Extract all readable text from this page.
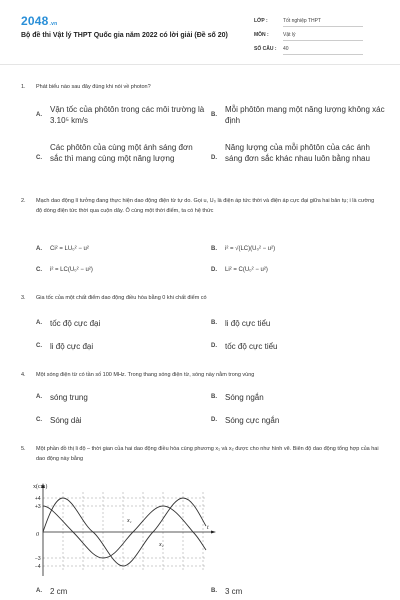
2048.vn
Bộ đề thi Vật lý THPT Quốc gia năm 2022 có lời giải (Đề số 20)
LỚP :	Tốt nghiệp THPT
MÔN :	Vật lý
SỐ CÂU : 40
1. Phát biểu nào sau đây đúng khi nói về photon?
A.
Vận tốc của phôtôn trong các môi trường là 3.10⁵ km/s
B.
Mỗi phôtôn mang một năng lượng không xác định
C.
Các phôtôn của cùng một ánh sáng đơn sắc thì mang cùng một năng lượng	D.
Năng lượng của mỗi phôtôn của các ánh sáng đơn sắc khác nhau luôn bằng nhau
2. Mạch dao động lí tưởng đang thực hiện dao động điện từ tự do. Gọi u, U₀ là điện áp tức thời và điện áp cực đại giữa hai bản tụ; i là cường độ dòng điện tức thời qua cuộn dây. Ô cùng một thời điểm, ta có hệ thức
A. Ci² = LU₀² − u²	B. i² = √(LC)(U₀² − u²)
C. i² = LC(U₀² − u²)	D. Li² = C(U₀² − u²)
3. Gia tốc của một chất điểm dao động điều hòa bằng 0 khi chất điểm có
A. tốc độ cực đại	B. li độ cực tiểu
C. li độ cực đại	D. tốc độ cực tiểu
4. Một sóng điện từ có tần số 100 MHz. Trong thang sóng điện từ, sóng này nằm trong vùng
A. sóng trung	B. Sóng ngắn
C. Sóng dài	D. Sóng cực ngắn
5. Một phần đồ thị li độ – thời gian của hai dao động điều hòa cùng phương x₁ và x₂ được cho như hình vẽ. Biên độ dao động tổng hợp của hai dao động này bằng
x(cm)
+4
+3
−3
−4
0
t
x₁
x₂
A. 2 cm	B. 3 cm
